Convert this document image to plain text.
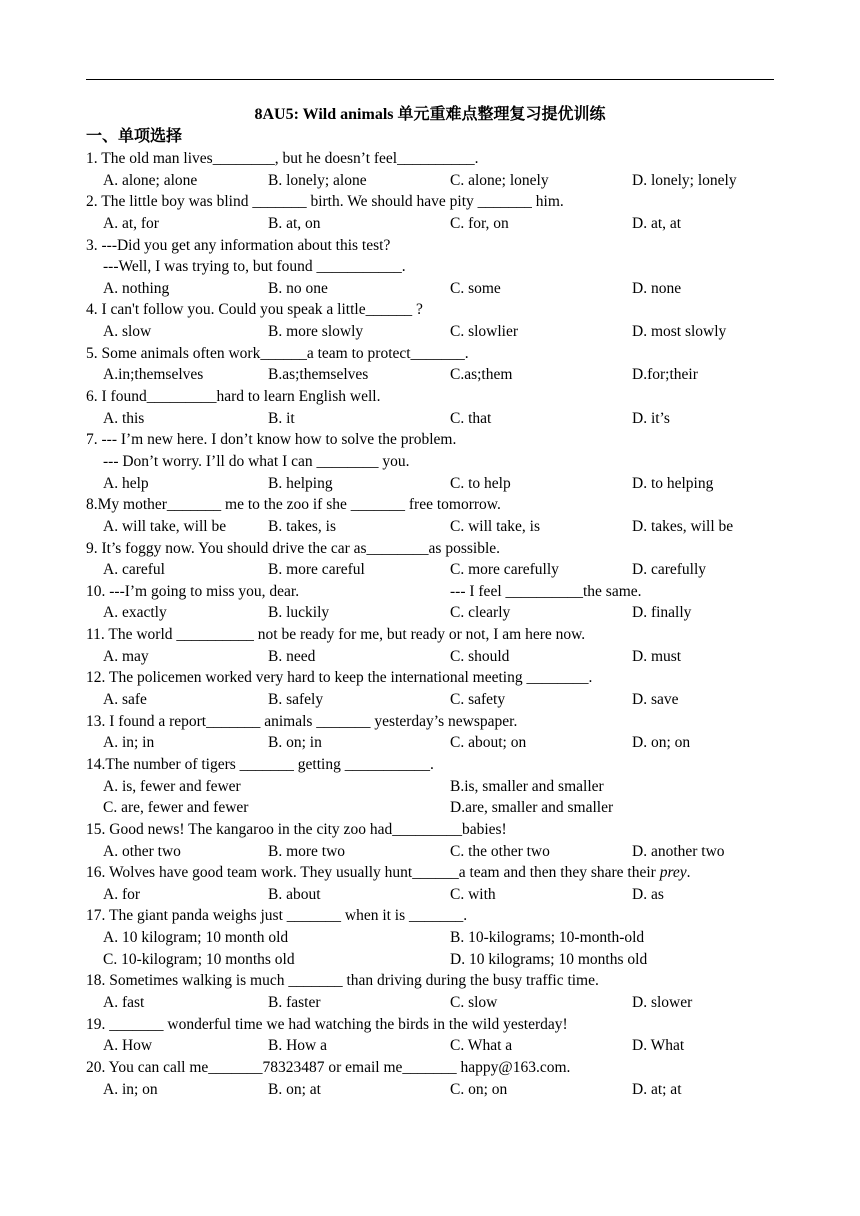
8AU5: Wild animals 单元重难点整理复习提优训练
一、单项选择
1. The old man lives________, but he doesn’t feel__________.
A. alone; alone	B. lonely; alone	C. alone; lonely	D. lonely; lonely
2. The little boy was blind _______ birth. We should have pity _______ him.
A. at, for	B. at, on	C. for, on	D. at, at
3. ---Did you get any information about this test?
---Well, I was trying to, but found ___________.
A. nothing	B. no one	C. some	D. none
4. I can't follow you. Could you speak a little______ ?
A. slow	B. more slowly	C. slowlier	D. most slowly
5. Some animals often work______a team to protect_______.
A.in;themselves	B.as;themselves	C.as;them	D.for;their
6. I found_________hard to learn English well.
A. this	B. it	C. that	D. it’s
7. --- I’m new here. I don’t know how to solve the problem.
--- Don’t worry. I’ll do what I can ________ you.
A. help	B. helping	C. to help	D. to helping
8.My mother_______ me to the zoo if she _______ free tomorrow.
A. will take, will be	B. takes, is	C. will take, is	D. takes, will be
9. It’s foggy now. You should drive the car as________as possible.
A. careful	B. more careful	C. more carefully	D. carefully
10. ---I’m going to miss you, dear.	--- I feel __________the same.
A. exactly	B. luckily	C. clearly	D. finally
11. The world __________ not be ready for me, but ready or not, I am here now.
A. may	B. need	C. should	D. must
12. The policemen worked very hard to keep the international meeting ________.
A. safe	B. safely	C. safety	D. save
13. I found a report_______ animals _______ yesterday’s newspaper.
A. in; in	B. on; in	C. about; on	D. on; on
14.The number of tigers _______ getting ___________.
A. is, fewer and fewer	B.is, smaller and smaller
C. are, fewer and fewer	D.are, smaller and smaller
15. Good news! The kangaroo in the city zoo had_________babies!
A. other two	B. more two	C. the other two	D. another two
16. Wolves have good team work. They usually hunt______a team and then they share their prey.
A. for	B. about	C. with	D. as
17. The giant panda weighs just _______ when it is _______.
A. 10 kilogram; 10 month old	B. 10-kilograms; 10-month-old
C. 10-kilogram; 10 months old	D. 10 kilograms; 10 months old
18. Sometimes walking is much _______ than driving during the busy traffic time.
A. fast	B. faster	C. slow	D. slower
19. _______ wonderful time we had watching the birds in the wild yesterday!
A. How	B. How a	C. What a	D. What
20. You can call me_______78323487 or email me_______ happy@163.com.
A. in; on	B. on; at	C. on; on	D. at; at
